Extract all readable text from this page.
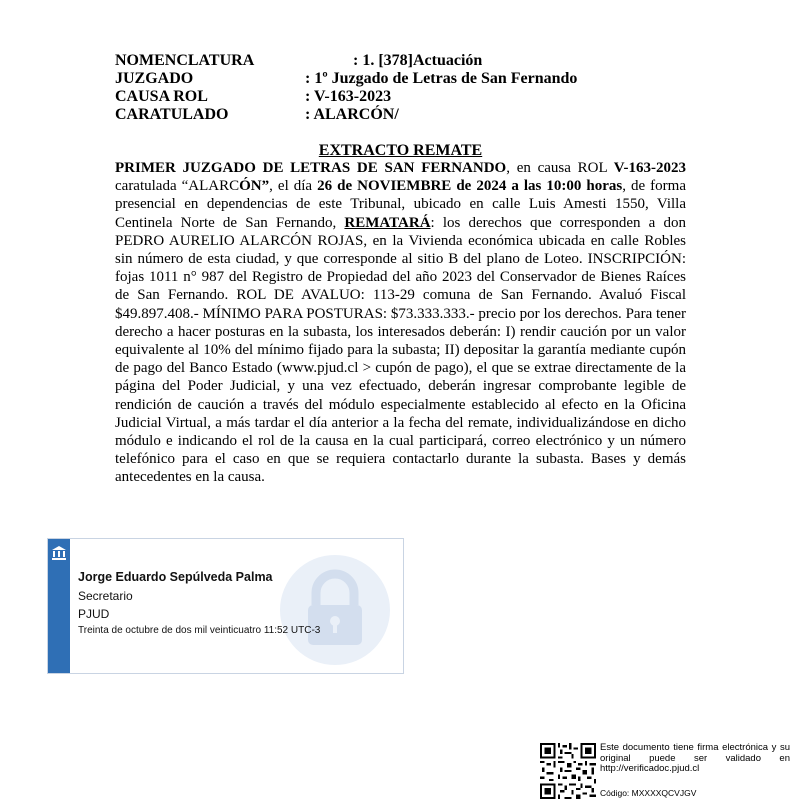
NOMENCLATURA	: 1. [378]Actuación
JUZGADO	: 1º Juzgado de Letras de San Fernando
CAUSA ROL	: V-163-2023
CARATULADO	: ALARCÓN/
EXTRACTO REMATE
PRIMER JUZGADO DE LETRAS DE SAN FERNANDO, en causa ROL V-163-2023 caratulada “ALARCÓN”, el día 26 de NOVIEMBRE de 2024 a las 10:00 horas, de forma presencial en dependencias de este Tribunal, ubicado en calle Luis Amesti 1550, Villa Centinela Norte de San Fernando, REMATARÁ: los derechos que corresponden a don PEDRO AURELIO ALARCÓN ROJAS, en la Vivienda económica ubicada en calle Robles sin número de esta ciudad, y que corresponde al sitio B del plano de Loteo. INSCRIPCIÓN: fojas 1011 n° 987 del Registro de Propiedad del año 2023 del Conservador de Bienes Raíces de San Fernando. ROL DE AVALUO: 113-29 comuna de San Fernando. Avaluó Fiscal $49.897.408.- MÍNIMO PARA POSTURAS: $73.333.333.- precio por los derechos. Para tener derecho a hacer posturas en la subasta, los interesados deberán: I) rendir caución por un valor equivalente al 10% del mínimo fijado para la subasta; II) depositar la garantía mediante cupón de pago del Banco Estado (www.pjud.cl > cupón de pago), el que se extrae directamente de la página del Poder Judicial, y una vez efectuado, deberán ingresar comprobante legible de rendición de caución a través del módulo especialmente establecido al efecto en la Oficina Judicial Virtual, a más tardar el día anterior a la fecha del remate, individualizándose en dicho módulo e indicando el rol de la causa en la cual participará, correo electrónico y un número telefónico para el caso en que se requiera contactarlo durante la subasta. Bases y demás antecedentes en la causa.
Jorge Eduardo Sepúlveda Palma
Secretario
PJUD
Treinta de octubre de dos mil veinticuatro 11:52 UTC-3
Este documento tiene firma electrónica y su original puede ser validado en http://verificadoc.pjud.cl
Código: MXXXXQCVJGV
